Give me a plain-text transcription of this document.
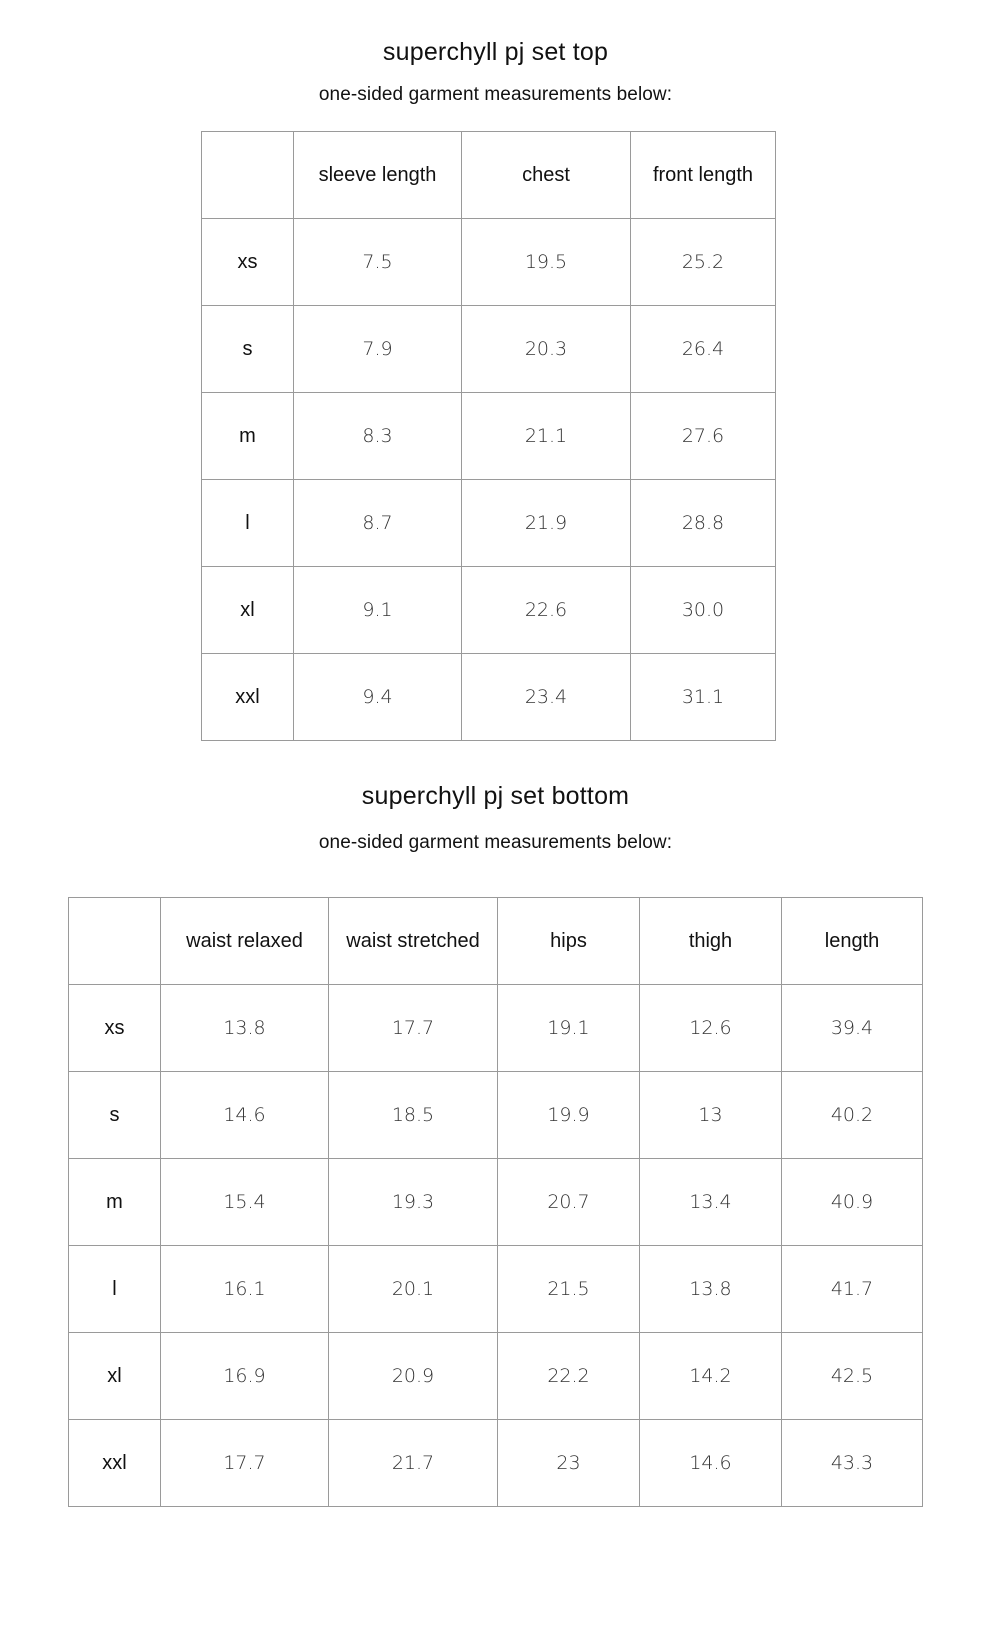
superchyll pj set top
one-sided garment measurements below:
	sleeve length	chest	front length
xs	7.5	19.5	25.2
s	7.9	20.3	26.4
m	8.3	21.1	27.6
l	8.7	21.9	28.8
xl	9.1	22.6	30.0
xxl	9.4	23.4	31.1
superchyll pj set bottom
one-sided garment measurements below:
	waist relaxed	waist stretched	hips	thigh	length
xs	13.8	17.7	19.1	12.6	39.4
s	14.6	18.5	19.9	13	40.2
m	15.4	19.3	20.7	13.4	40.9
l	16.1	20.1	21.5	13.8	41.7
xl	16.9	20.9	22.2	14.2	42.5
xxl	17.7	21.7	23	14.6	43.3
